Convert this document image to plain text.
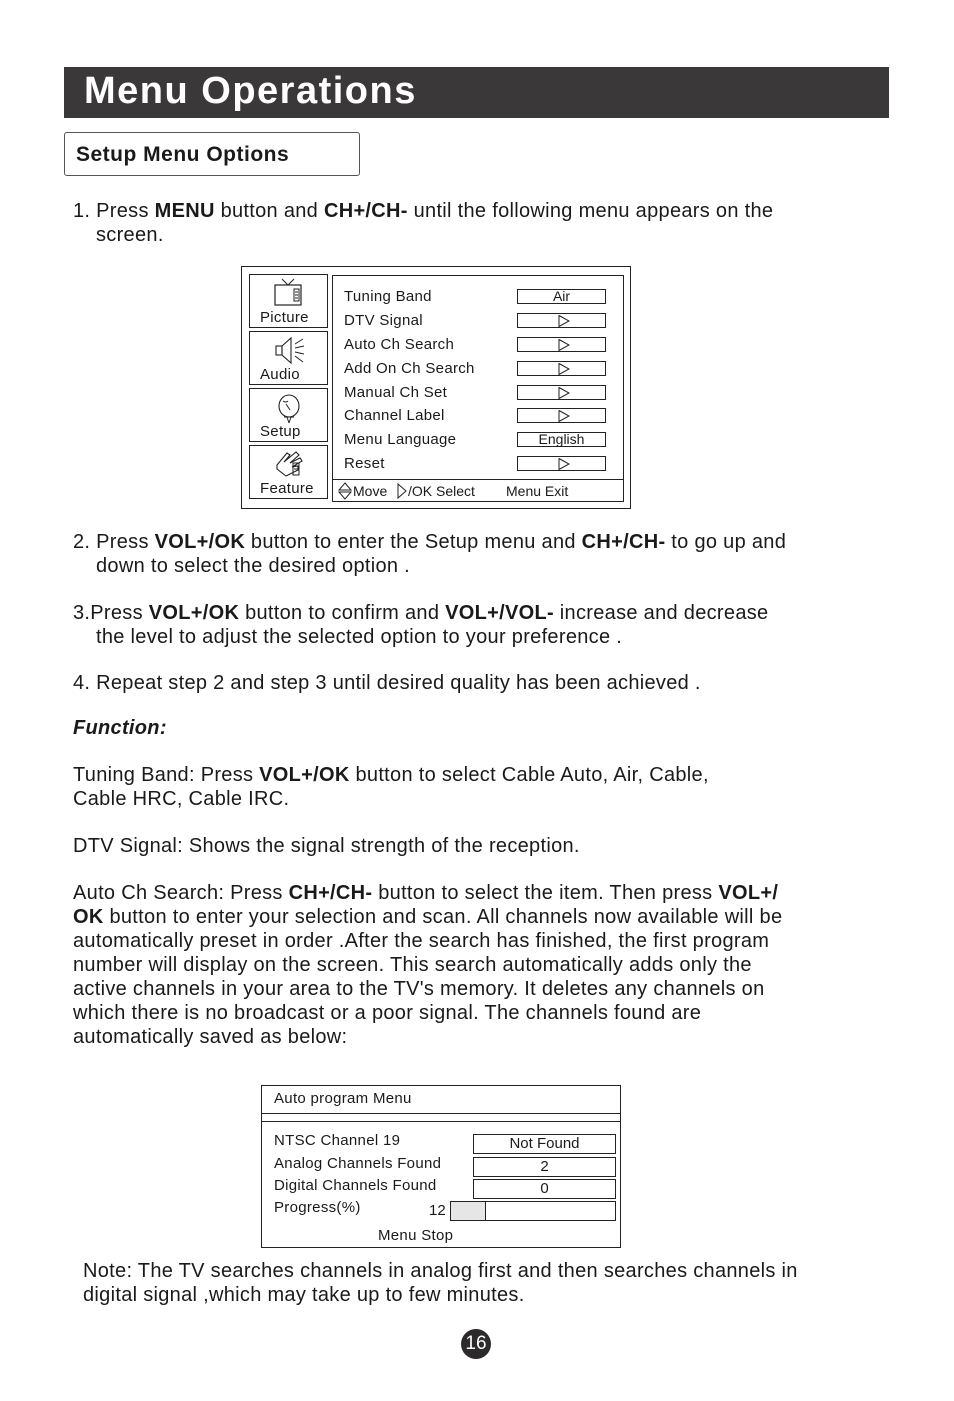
Menu Operations
Setup Menu Options
1. Press MENU button and CH+/CH- until the following menu appears on the
screen.
Picture
Audio
Setup
Feature
Tuning Band	Air
DTV Signal
Auto Ch Search
Add On Ch Search
Manual Ch Set
Channel Label
Menu Language	English
Reset
Move /OK Select Menu Exit
2. Press VOL+/OK button to enter the Setup menu and CH+/CH- to go up and
down to select the desired option .
3.Press VOL+/OK button to confirm and VOL+/VOL- increase and decrease
the level to adjust the selected option to your preference .
4. Repeat step 2 and step 3 until desired quality has been achieved .
Function:
Tuning Band: Press VOL+/OK button to select Cable Auto, Air, Cable,
Cable HRC, Cable IRC.
DTV Signal: Shows the signal strength of the reception.
Auto Ch Search: Press CH+/CH- button to select the item. Then press VOL+/
OK button to enter your selection and scan. All channels now available will be
automatically preset in order .After the search has finished, the first program
number will display on the screen. This search automatically adds only the
active channels in your area to the TV's memory. It deletes any channels on
which there is no broadcast or a poor signal. The channels found are
automatically saved as below:
Auto program Menu
NTSC Channel 19	Not Found
Analog Channels Found	2
Digital Channels Found	0
Progress(%)	12
Menu Stop
Note: The TV searches channels in analog first and then searches channels in
digital signal ,which may take up to few minutes.
16
